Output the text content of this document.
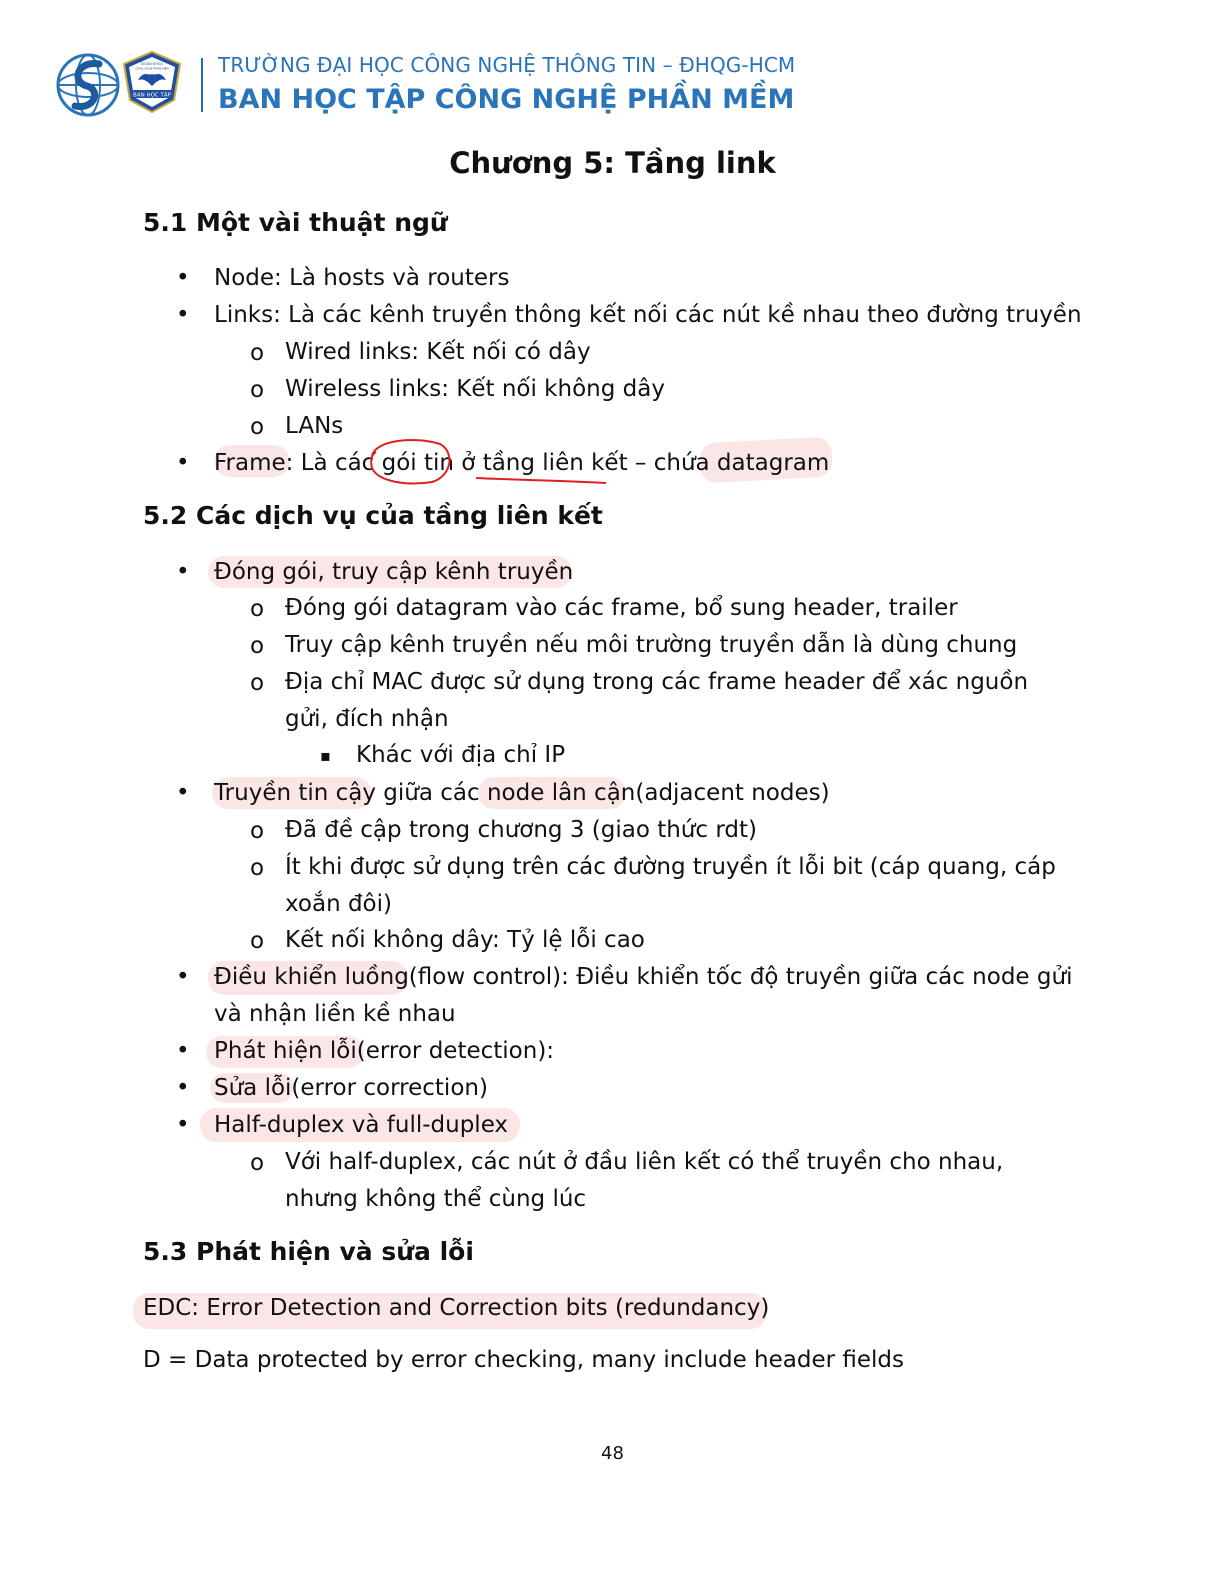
BAN HỌC TẬP
ĐOÀN KHOA
CÔNG NGHỆ PHẦN MỀM TRƯỜNG ĐẠI HỌC CÔNG NGHỆ THÔNG TIN – ĐHQG-HCM
BAN HỌC TẬP CÔNG NGHỆ PHẦN MỀM
Chương 5: Tầng link
5.1 Một vài thuật ngữ
• Node: Là hosts và routers
• Links: Là các kênh truyền thông kết nối các nút kề nhau theo đường truyền
o Wired links: Kết nối có dây
o Wireless links: Kết nối không dây
o LANs
• Frame: Là các gói tin ở tầng liên kết – chứa datagram
5.2 Các dịch vụ của tầng liên kết
• Đóng gói, truy cập kênh truyền
o Đóng gói datagram vào các frame, bổ sung header, trailer
o Truy cập kênh truyền nếu môi trường truyền dẫn là dùng chung
o Địa chỉ MAC được sử dụng trong các frame header để xác nguồn
gửi, đích nhận
▪ Khác với địa chỉ IP
• Truyền tin cậy giữa các node lân cận(adjacent nodes)
o Đã đề cập trong chương 3 (giao thức rdt)
o Ít khi được sử dụng trên các đường truyền ít lỗi bit (cáp quang, cáp
xoắn đôi)
o Kết nối không dây: Tỷ lệ lỗi cao
• Điều khiển luồng(flow control): Điều khiển tốc độ truyền giữa các node gửi
và nhận liền kề nhau
• Phát hiện lỗi(error detection):
• Sửa lỗi(error correction)
• Half-duplex và full-duplex
o Với half-duplex, các nút ở đầu liên kết có thể truyền cho nhau,
nhưng không thể cùng lúc
5.3 Phát hiện và sửa lỗi
EDC: Error Detection and Correction bits (redundancy)
D = Data protected by error checking, many include header fields
48
